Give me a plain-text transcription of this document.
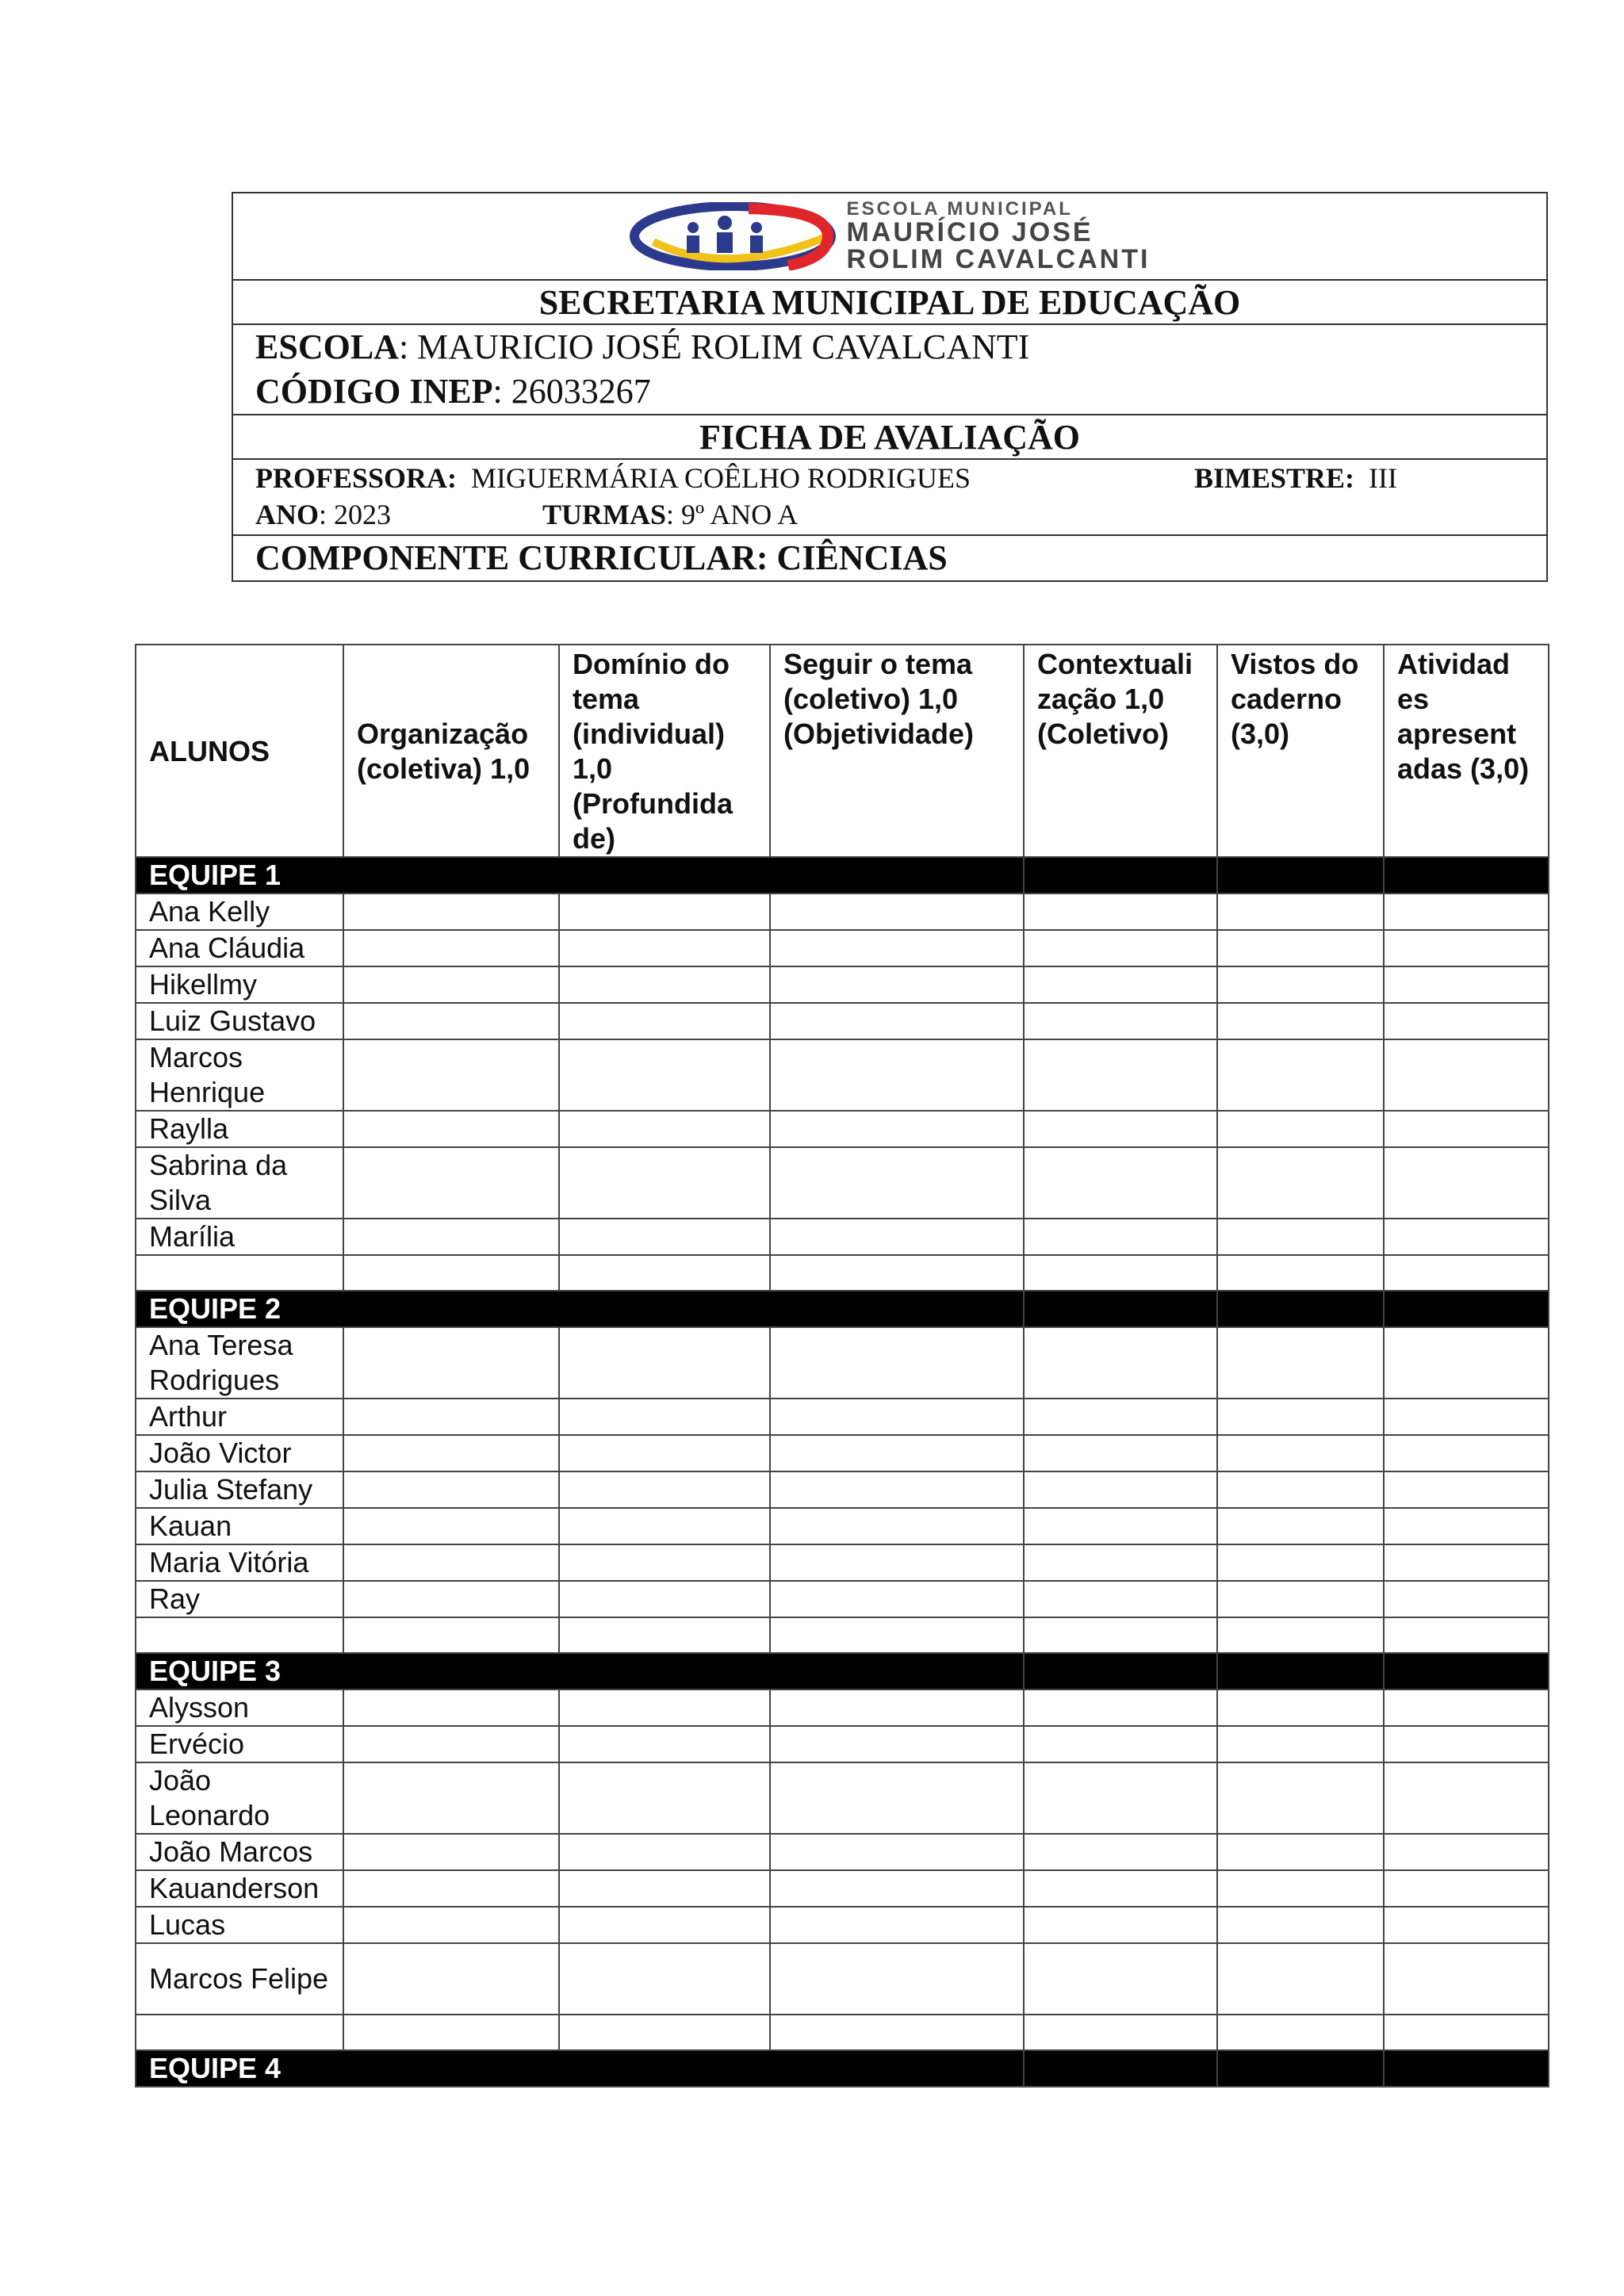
ESCOLA MUNICIPAL
MAURÍCIO JOSÉ
ROLIM CAVALCANTI
SECRETARIA MUNICIPAL DE EDUCAÇÃO
ESCOLA: MAURICIO JOSÉ ROLIM CAVALCANTI
CÓDIGO INEP: 26033267
FICHA DE AVALIAÇÃO
PROFESSORA: MIGUERMÁRIA COÊLHO RODRIGUES	BIMESTRE: III
ANO: 2023	TURMAS: 9º ANO A
COMPONENTE CURRICULAR: CIÊNCIAS
ALUNOS	Organização (coletiva) 1,0	Domínio do tema (individual) 1,0 (Profundida de)	Seguir o tema (coletivo) 1,0 (Objetividade)	Contextuali zação 1,0 (Coletivo)	Vistos do caderno (3,0)	Atividad es apresent adas (3,0)
EQUIPE 1						
Ana Kelly						
Ana Cláudia						
Hikellmy						
Luiz Gustavo						
Marcos Henrique						
Raylla						
Sabrina da Silva						
Marília						

EQUIPE 2						
Ana Teresa Rodrigues						
Arthur						
João Victor						
Julia Stefany						
Kauan						
Maria Vitória						
Ray						

EQUIPE 3						
Alysson						
Ervécio						
João Leonardo						
João Marcos						
Kauanderson						
Lucas						
Marcos Felipe						

EQUIPE 4						
